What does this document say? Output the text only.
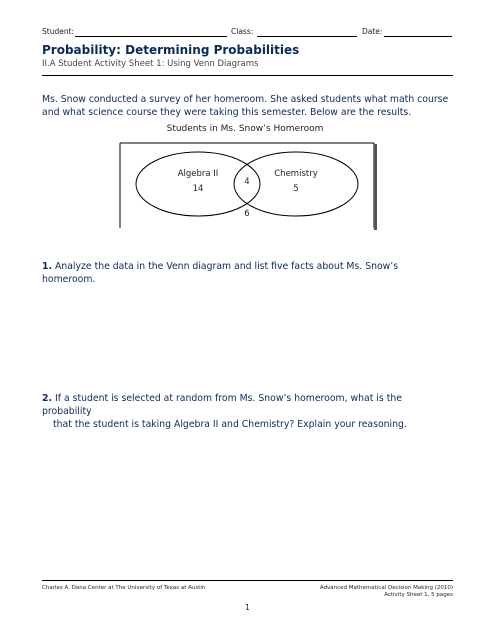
Student:	Class:	Date:
Probability: Determining Probabilities
II.A Student Activity Sheet 1: Using Venn Diagrams
Ms. Snow conducted a survey of her homeroom. She asked students what math course and what science course they were taking this semester. Below are the results.
Students in Ms. Snow’s Homeroom
Algebra II
14
Chemistry
5
4
6
1. Analyze the data in the Venn diagram and list five facts about Ms. Snow’s homeroom.
2. If a student is selected at random from Ms. Snow’s homeroom, what is the probability
that the student is taking Algebra II and Chemistry? Explain your reasoning.
Charles A. Dana Center at The University of Texas at Austin	Advanced Mathematical Decision Making (2010)
Activity Sheet 1, 5 pages
1
